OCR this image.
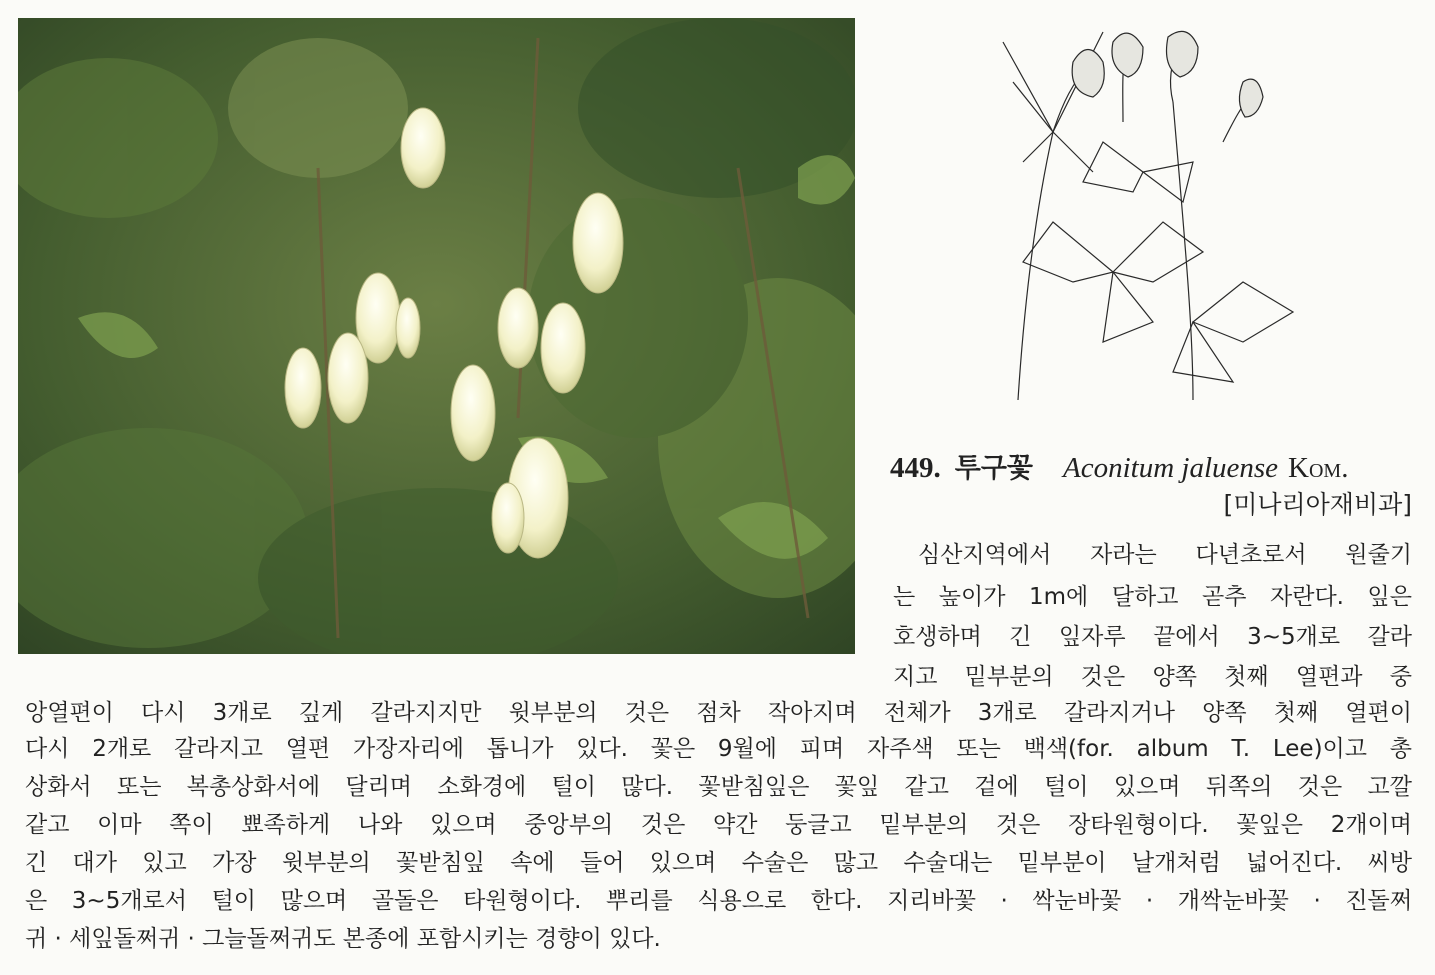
449. 투구꽃 Aconitum jaluense Kom.
[미나리아재비과]

심산지역에서 자라는 다년초로서 원줄기

는 높이가 1m에 달하고 곧추 자란다. 잎은

호생하며 긴 잎자루 끝에서 3~5개로 갈라

지고 밑부분의 것은 양쪽 첫째 열편과 중

앙열편이 다시 3개로 깊게 갈라지지만 윗부분의 것은 점차 작아지며 전체가 3개로 갈라지거나 양쪽 첫째 열편이

다시 2개로 갈라지고 열편 가장자리에 톱니가 있다. 꽃은 9월에 피며 자주색 또는 백색(for. album T. Lee)이고 총

상화서 또는 복총상화서에 달리며 소화경에 털이 많다. 꽃받침잎은 꽃잎 같고 겉에 털이 있으며 뒤쪽의 것은 고깔

같고 이마 쪽이 뾰족하게 나와 있으며 중앙부의 것은 약간 둥글고 밑부분의 것은 장타원형이다. 꽃잎은 2개이며

긴 대가 있고 가장 윗부분의 꽃받침잎 속에 들어 있으며 수술은 많고 수술대는 밑부분이 날개처럼 넓어진다. 씨방

은 3~5개로서 털이 많으며 골돌은 타원형이다. 뿌리를 식용으로 한다. 지리바꽃 · 싹눈바꽃 · 개싹눈바꽃 · 진돌쩌

귀 · 세잎돌쩌귀 · 그늘돌쩌귀도 본종에 포함시키는 경향이 있다.
